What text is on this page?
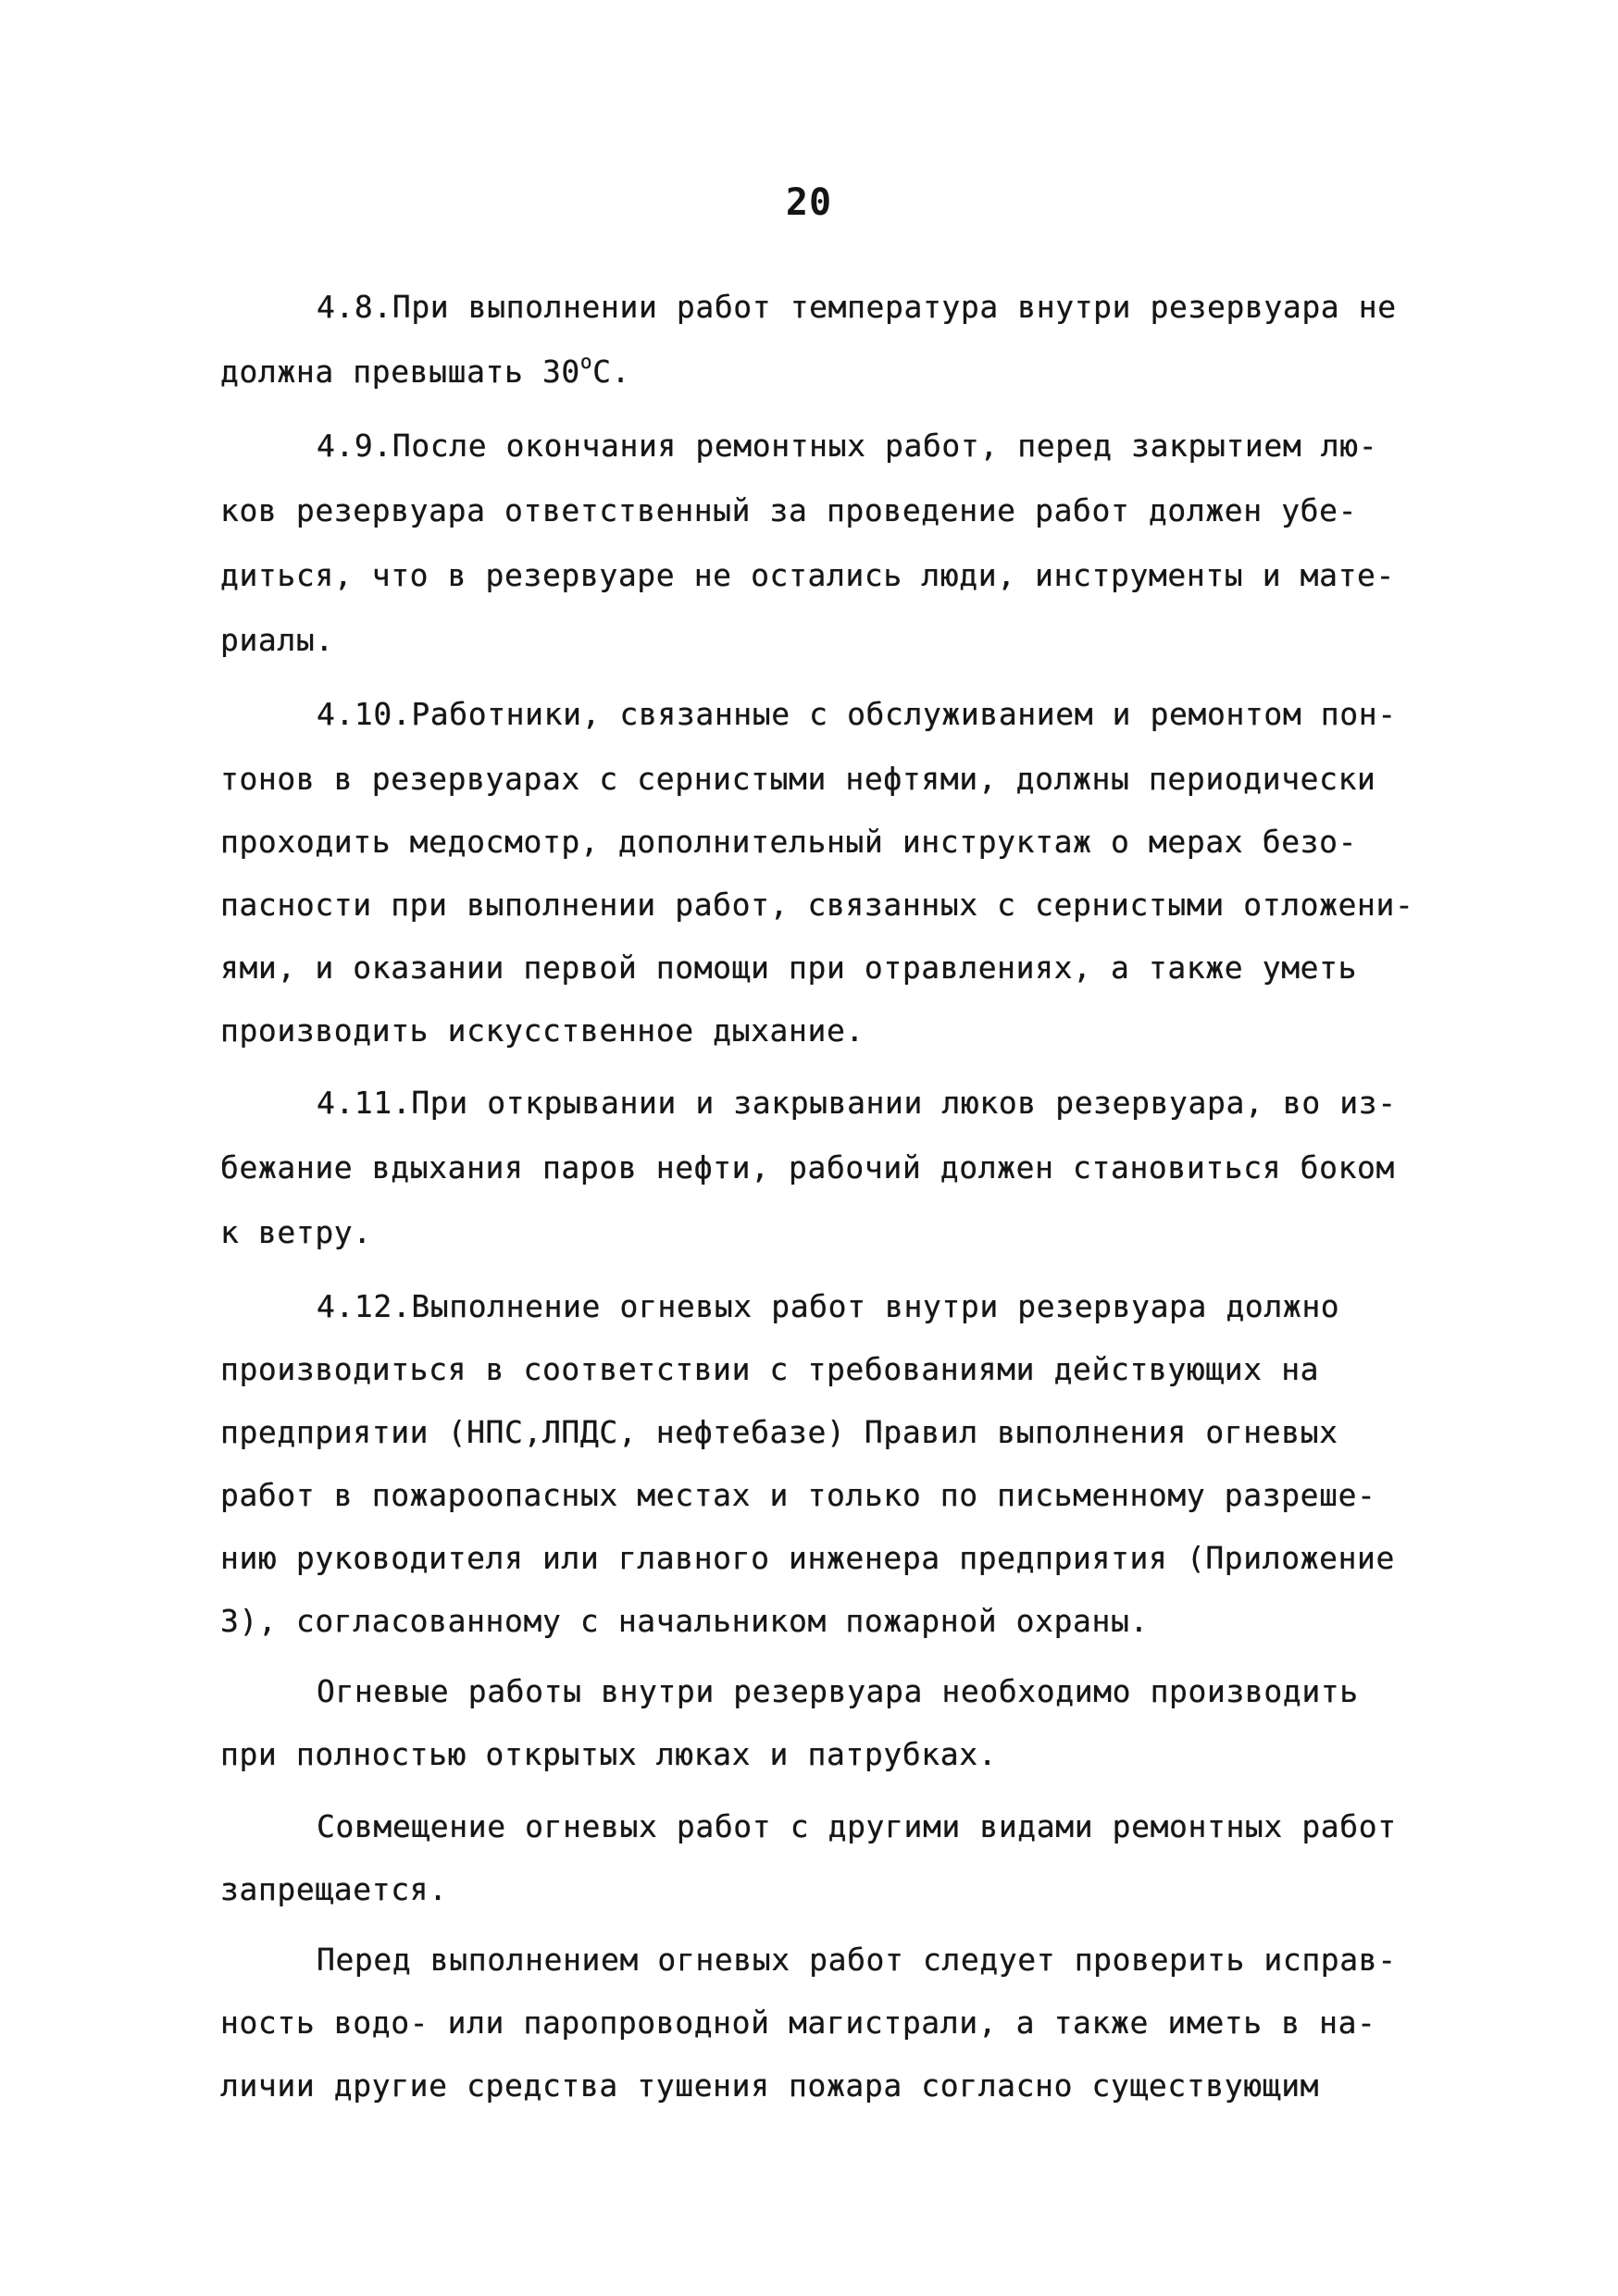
20
4.8.При выполнении работ температура внутри резервуара не
должна превышать $30^оС$.
4.9.После окончания ремонтных работ, перед закрытием лю-
ков резервуара ответственный за проведение работ должен убе-
диться, что в резервуаре не остались люди, инструменты и мате-
риалы.
4.10.Работники, связанные с обслуживанием и ремонтом пон-
тонов в резервуарах с сернистыми нефтями, должны периодически
проходить медосмотр, дополнительный инструктаж о мерах безо-
пасности при выполнении работ, связанных с сернистыми отложени-
ями, и оказании первой помощи при отравлениях, а также уметь
производить искусственное дыхание.
4.11.При открывании и закрывании люков резервуара, во из-
бежание вдыхания паров нефти, рабочий должен становиться боком
к ветру.
4.12.Выполнение огневых работ внутри резервуара должно
производиться в соответствии с требованиями действующих на
предприятии (НПС,ЛПДС, нефтебазе) Правил выполнения огневых
работ в пожароопасных местах и только по письменному разреше-
нию руководителя или главного инженера предприятия (Приложение
3), согласованному с начальником пожарной охраны.
Огневые работы внутри резервуара необходимо производить
при полностью открытых люках и патрубках.
Совмещение огневых работ с другими видами ремонтных работ
запрещается.
Перед выполнением огневых работ следует проверить исправ-
ность водо- или паропроводной магистрали, а также иметь в на-
личии другие средства тушения пожара согласно существующим
